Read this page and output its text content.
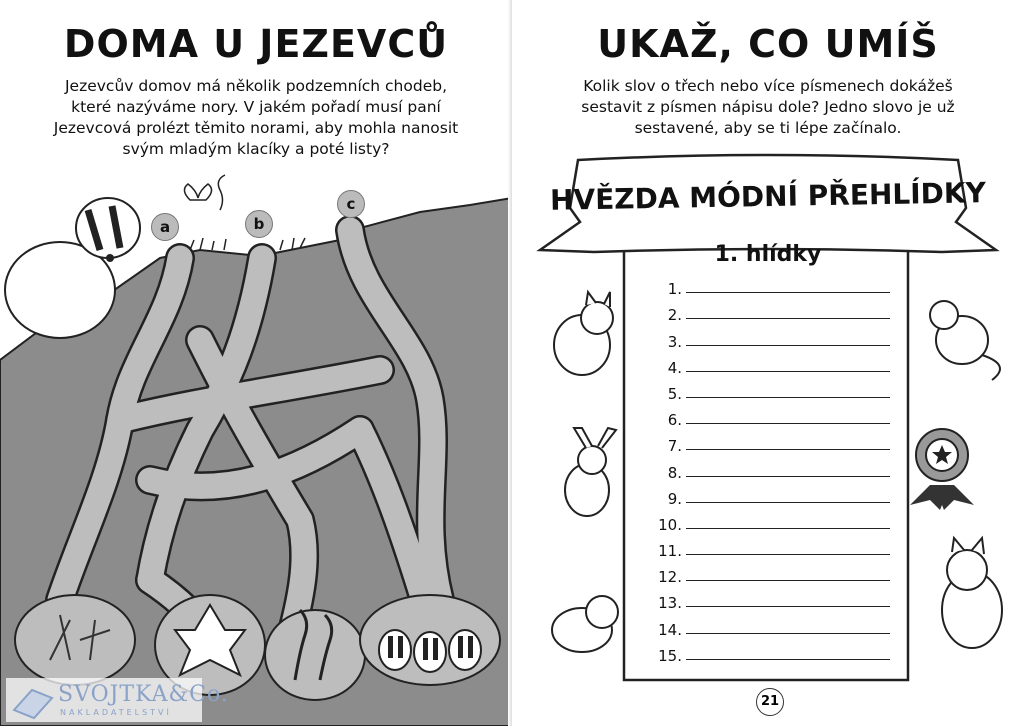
DOMA U JEZEVCŮ
Jezevcův domov má několik podzemních chodeb,
které nazýváme nory. V jakém pořadí musí paní
Jezevcová prolézt těmito norami, aby mohla nanosit
svým mladým klacíky a poté listy?
a	b
c
SVOJTKA&Co.
NAKLADATELSTVÍ
UKAŽ, CO UMÍŠ
Kolik slov o třech nebo více písmenech dokážeš
sestavit z písmen nápisu dole? Jedno slovo je už
sestavené, aby se ti lépe začínalo.
HVĚZDA MÓDNÍ PŘEHLÍDKY
1. hlídky
1.
2.
3.
4.
5.
6.
7.
8.
9.
10.
11.
12.
13.
14.
15.
21
